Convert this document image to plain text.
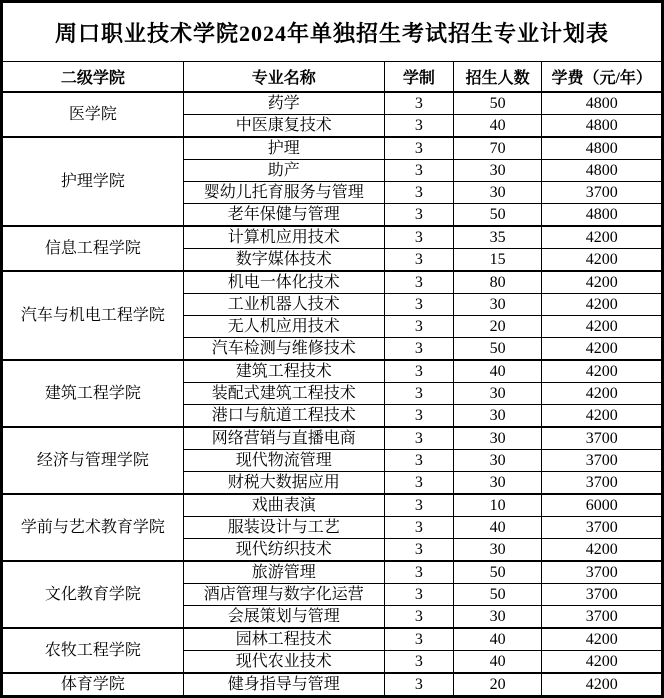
周口职业技术学院2024年单独招生考试招生专业计划表				
二级学院	专业名称	学制	招生人数	学费（元/年）
医学院	药学	3	50	4800
	中医康复技术	3	40	4800
护理学院	护理	3	70	4800
	助产	3	30	4800
	婴幼儿托育服务与管理	3	30	3700
	老年保健与管理	3	50	4800
信息工程学院	计算机应用技术	3	35	4200
	数字媒体技术	3	15	4200
汽车与机电工程学院	机电一体化技术	3	80	4200
	工业机器人技术	3	30	4200
	无人机应用技术	3	20	4200
	汽车检测与维修技术	3	50	4200
建筑工程学院	建筑工程技术	3	40	4200
	装配式建筑工程技术	3	30	4200
	港口与航道工程技术	3	30	4200
经济与管理学院	网络营销与直播电商	3	30	3700
	现代物流管理	3	30	3700
	财税大数据应用	3	30	3700
学前与艺术教育学院	戏曲表演	3	10	6000
	服装设计与工艺	3	40	3700
	现代纺织技术	3	30	4200
文化教育学院	旅游管理	3	50	3700
	酒店管理与数字化运营	3	50	3700
	会展策划与管理	3	30	3700
农牧工程学院	园林工程技术	3	40	4200
	现代农业技术	3	40	4200
体育学院	健身指导与管理	3	20	4200
